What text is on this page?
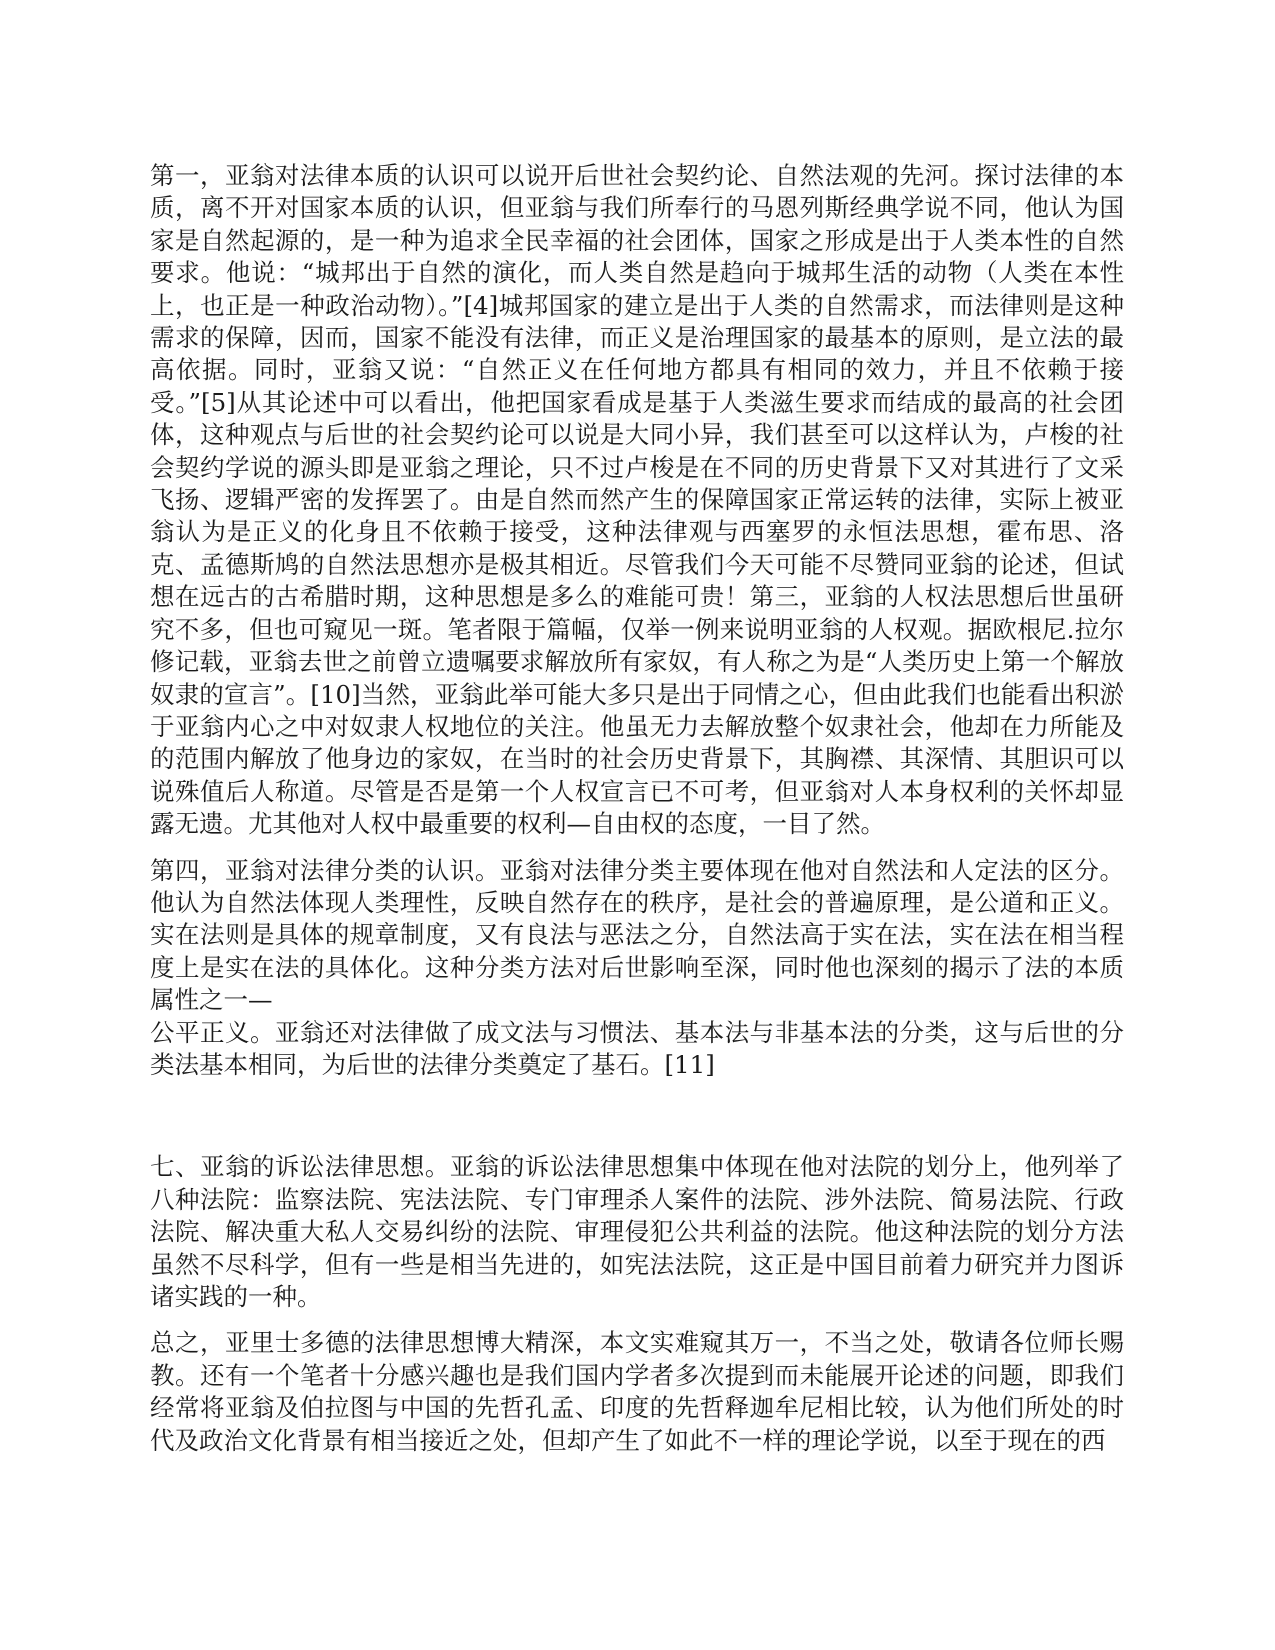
第一，亚翁对法律本质的认识可以说开后世社会契约论、自然法观的先河。探讨法律的本质，离不开对国家本质的认识，但亚翁与我们所奉行的马恩列斯经典学说不同，他认为国家是自然起源的，是一种为追求全民幸福的社会团体，国家之形成是出于人类本性的自然要求。他说：“城邦出于自然的演化，而人类自然是趋向于城邦生活的动物（人类在本性上，也正是一种政治动物）。”[4]城邦国家的建立是出于人类的自然需求，而法律则是这种需求的保障，因而，国家不能没有法律，而正义是治理国家的最基本的原则，是立法的最高依据。同时，亚翁又说：“自然正义在任何地方都具有相同的效力，并且不依赖于接受。”[5]从其论述中可以看出，他把国家看成是基于人类滋生要求而结成的最高的社会团体，这种观点与后世的社会契约论可以说是大同小异，我们甚至可以这样认为，卢梭的社会契约学说的源头即是亚翁之理论，只不过卢梭是在不同的历史背景下又对其进行了文采飞扬、逻辑严密的发挥罢了。由是自然而然产生的保障国家正常运转的法律，实际上被亚翁认为是正义的化身且不依赖于接受，这种法律观与西塞罗的永恒法思想，霍布思、洛克、孟德斯鸠的自然法思想亦是极其相近。尽管我们今天可能不尽赞同亚翁的论述，但试想在远古的古希腊时期，这种思想是多么的难能可贵！第三，亚翁的人权法思想后世虽研究不多，但也可窥见一斑。笔者限于篇幅，仅举一例来说明亚翁的人权观。据欧根尼.拉尔修记载，亚翁去世之前曾立遗嘱要求解放所有家奴，有人称之为是“人类历史上第一个解放奴隶的宣言”。[10]当然，亚翁此举可能大多只是出于同情之心，但由此我们也能看出积淤于亚翁内心之中对奴隶人权地位的关注。他虽无力去解放整个奴隶社会，他却在力所能及的范围内解放了他身边的家奴，在当时的社会历史背景下，其胸襟、其深情、其胆识可以说殊值后人称道。尽管是否是第一个人权宣言已不可考，但亚翁对人本身权利的关怀却显露无遗。尤其他对人权中最重要的权利—自由权的态度，一目了然。

第四，亚翁对法律分类的认识。亚翁对法律分类主要体现在他对自然法和人定法的区分。他认为自然法体现人类理性，反映自然存在的秩序，是社会的普遍原理，是公道和正义。实在法则是具体的规章制度，又有良法与恶法之分，自然法高于实在法，实在法在相当程度上是实在法的具体化。这种分类方法对后世影响至深，同时他也深刻的揭示了法的本质属性之一—

公平正义。亚翁还对法律做了成文法与习惯法、基本法与非基本法的分类，这与后世的分类法基本相同，为后世的法律分类奠定了基石。[11]

七、亚翁的诉讼法律思想。亚翁的诉讼法律思想集中体现在他对法院的划分上，他列举了八种法院：监察法院、宪法法院、专门审理杀人案件的法院、涉外法院、简易法院、行政法院、解决重大私人交易纠纷的法院、审理侵犯公共利益的法院。他这种法院的划分方法虽然不尽科学，但有一些是相当先进的，如宪法法院，这正是中国目前着力研究并力图诉诸实践的一种。

总之，亚里士多德的法律思想博大精深，本文实难窥其万一，不当之处，敬请各位师长赐教。还有一个笔者十分感兴趣也是我们国内学者多次提到而未能展开论述的问题，即我们经常将亚翁及伯拉图与中国的先哲孔孟、印度的先哲释迦牟尼相比较，认为他们所处的时代及政治文化背景有相当接近之处，但却产生了如此不一样的理论学说，以至于现在的西
